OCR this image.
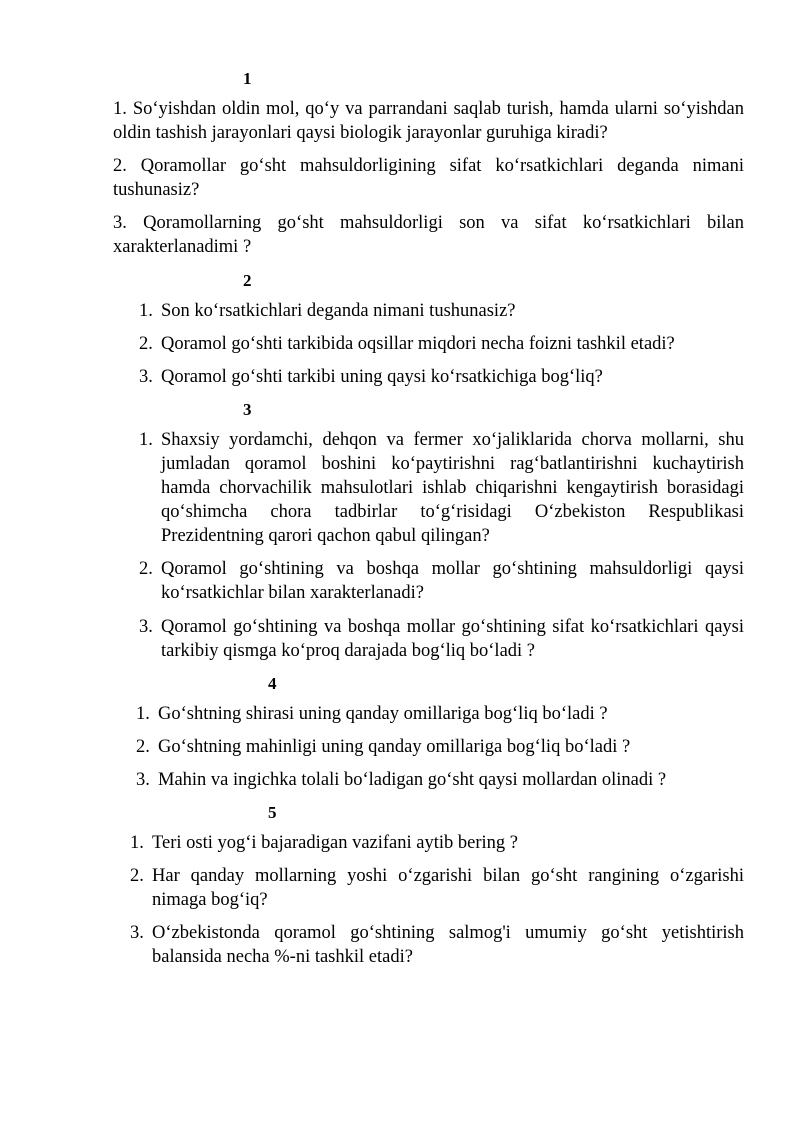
1

1. So‘yishdan oldin mol, qo‘y va parrandani saqlab turish, hamda ularni so‘yishdan oldin tashish jarayonlari qaysi biologik jarayonlar guruhiga kiradi?

2. Qoramollar go‘sht mahsuldorligining sifat ko‘rsatkichlari deganda nimani tushunasiz?

3. Qoramollarning go‘sht mahsuldorligi son va sifat ko‘rsatkichlari bilan xarakterlanadimi ?

2
1. Son ko‘rsatkichlari deganda nimani tushunasiz?
2. Qoramol go‘shti tarkibida oqsillar miqdori necha foizni tashkil etadi?
3. Qoramol go‘shti tarkibi uning qaysi ko‘rsatkichiga bog‘liq?
3
1. Shaxsiy yordamchi, dehqon va fermer xo‘jaliklarida chorva mollarni, shu jumladan qoramol boshini ko‘paytirishni rag‘batlantirishni kuchaytirish hamda chorvachilik mahsulotlari ishlab chiqarishni kengaytirish borasidagi qo‘shimcha chora tadbirlar to‘g‘risidagi O‘zbekiston Respublikasi Prezidentning qarori qachon qabul qilingan?
2. Qoramol go‘shtining va boshqa mollar go‘shtining mahsuldorligi qaysi ko‘rsatkichlar bilan xarakterlanadi?
3. Qoramol go‘shtining va boshqa mollar go‘shtining sifat ko‘rsatkichlari qaysi tarkibiy qismga ko‘proq darajada bog‘liq bo‘ladi ?
4
1. Go‘shtning shirasi uning qanday omillariga bog‘liq bo‘ladi ?
2. Go‘shtning mahinligi uning qanday omillariga bog‘liq bo‘ladi ?
3. Mahin va ingichka tolali bo‘ladigan go‘sht qaysi mollardan olinadi ?
5
1. Teri osti yog‘i bajaradigan vazifani aytib bering ?
2. Har qanday mollarning yoshi o‘zgarishi bilan go‘sht rangining o‘zgarishi nimaga bog‘iq?
3. O‘zbekistonda qoramol go‘shtining salmog'i umumiy go‘sht yetishtirish balansida necha %-ni tashkil etadi?
